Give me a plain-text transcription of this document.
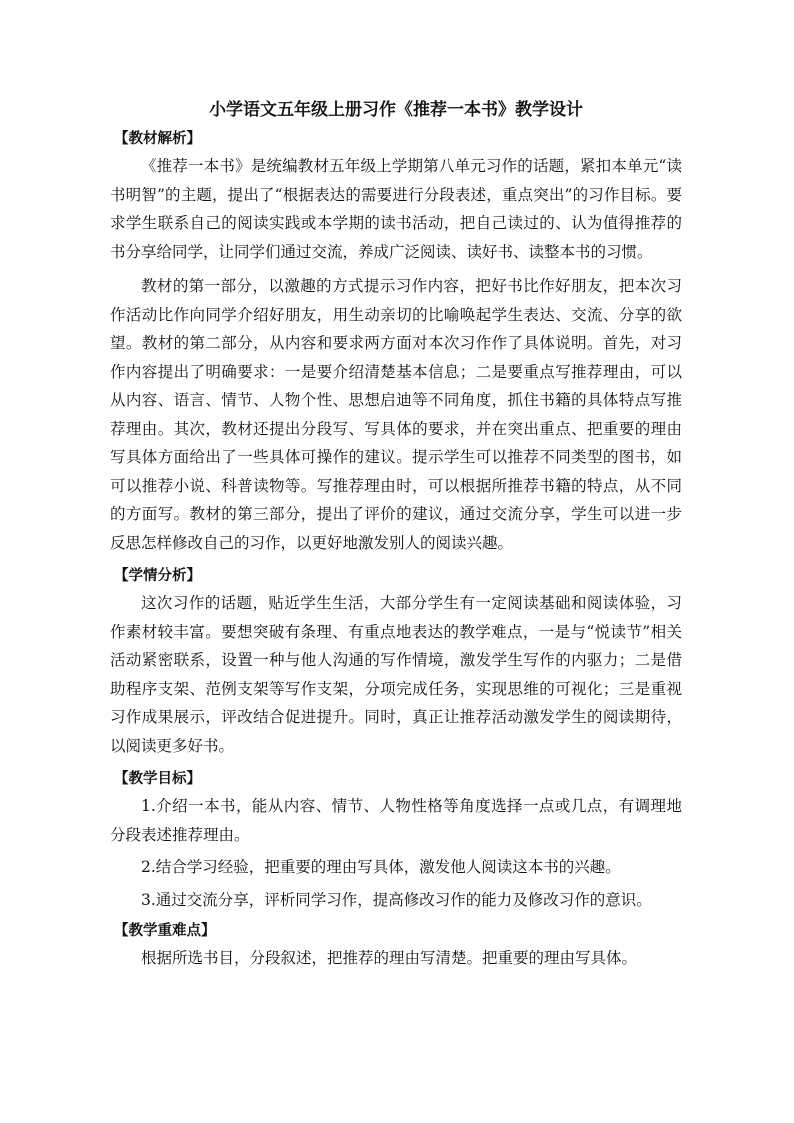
小学语文五年级上册习作《推荐一本书》教学设计
【教材解析】

《推荐一本书》是统编教材五年级上学期第八单元习作的话题，紧扣本单元“读书明智”的主题，提出了“根据表达的需要进行分段表述，重点突出”的习作目标。要求学生联系自己的阅读实践或本学期的读书活动，把自己读过的、认为值得推荐的书分享给同学，让同学们通过交流，养成广泛阅读、读好书、读整本书的习惯。

教材的第一部分，以激趣的方式提示习作内容，把好书比作好朋友，把本次习作活动比作向同学介绍好朋友，用生动亲切的比喻唤起学生表达、交流、分享的欲望。教材的第二部分，从内容和要求两方面对本次习作作了具体说明。首先，对习作内容提出了明确要求：一是要介绍清楚基本信息；二是要重点写推荐理由，可以从内容、语言、情节、人物个性、思想启迪等不同角度，抓住书籍的具体特点写推荐理由。其次，教材还提出分段写、写具体的要求，并在突出重点、把重要的理由写具体方面给出了一些具体可操作的建议。提示学生可以推荐不同类型的图书，如可以推荐小说、科普读物等。写推荐理由时，可以根据所推荐书籍的特点，从不同的方面写。教材的第三部分，提出了评价的建议，通过交流分享，学生可以进一步反思怎样修改自己的习作，以更好地激发别人的阅读兴趣。

【学情分析】

这次习作的话题，贴近学生生活，大部分学生有一定阅读基础和阅读体验，习作素材较丰富。要想突破有条理、有重点地表达的教学难点，一是与“悦读节”相关活动紧密联系，设置一种与他人沟通的写作情境，激发学生写作的内驱力；二是借助程序支架、范例支架等写作支架，分项完成任务，实现思维的可视化；三是重视习作成果展示，评改结合促进提升。同时，真正让推荐活动激发学生的阅读期待，以阅读更多好书。

【教学目标】

1.介绍一本书，能从内容、情节、人物性格等角度选择一点或几点，有调理地分段表述推荐理由。

2.结合学习经验，把重要的理由写具体，激发他人阅读这本书的兴趣。

3.通过交流分享，评析同学习作，提高修改习作的能力及修改习作的意识。

【教学重难点】

根据所选书目，分段叙述，把推荐的理由写清楚。把重要的理由写具体。
